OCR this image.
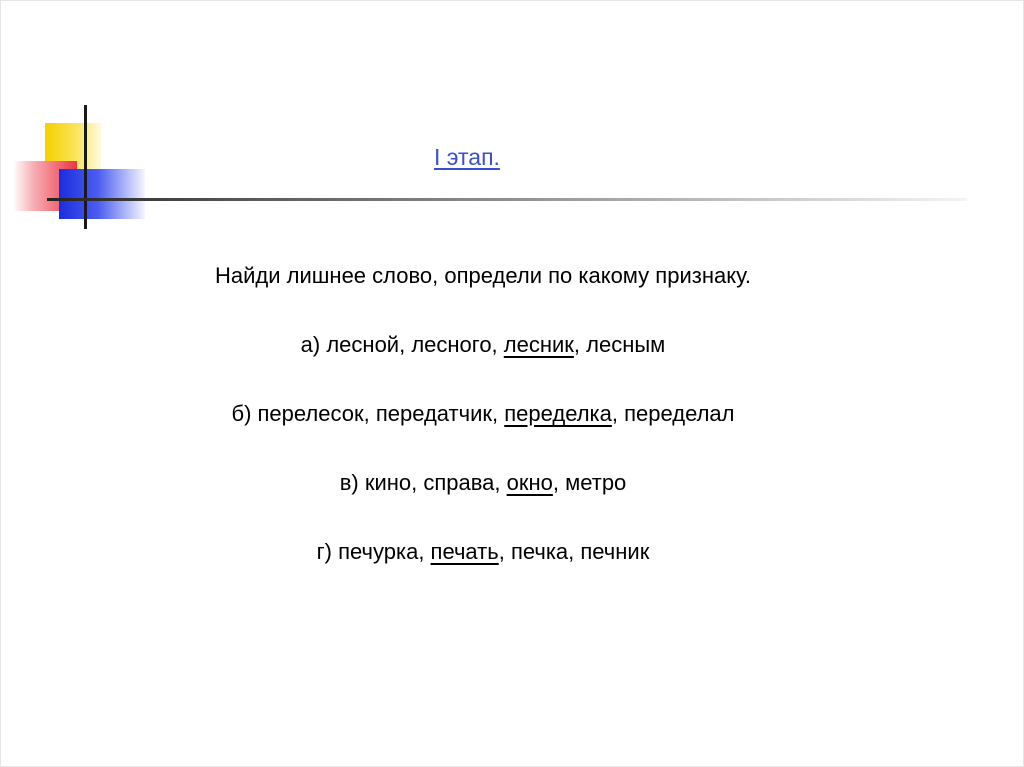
I этап.
Найди лишнее слово, определи по какому признаку.
а) лесной, лесного, лесник, лесным
б) перелесок, передатчик, переделка, переделал
в) кино, справа, окно, метро
г) печурка, печать, печка, печник
